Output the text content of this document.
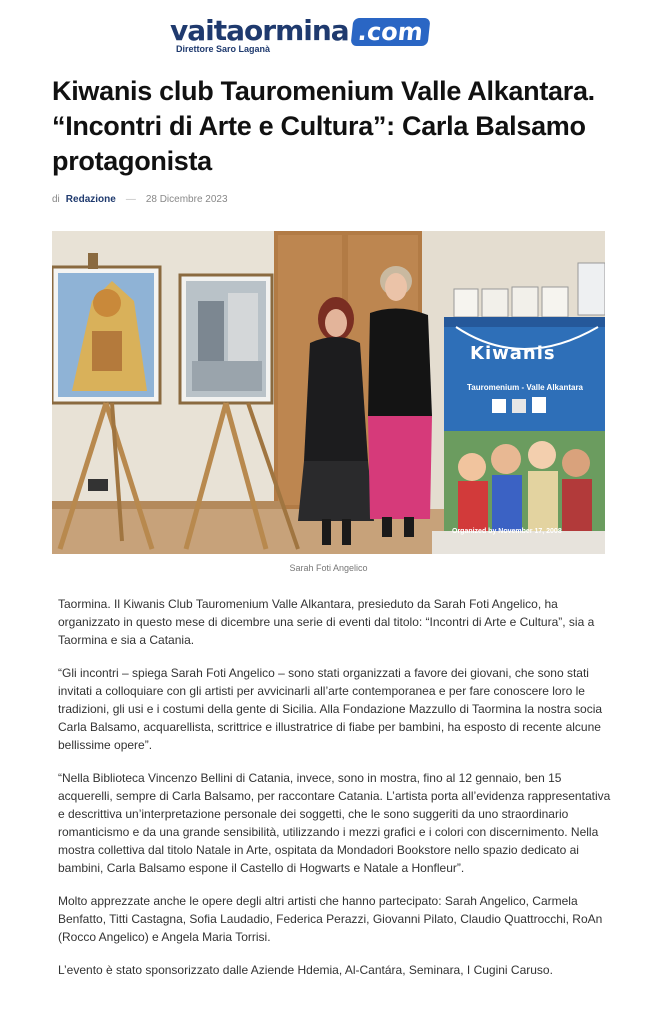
vai taormina .com
Direttore Saro Laganà
Kiwanis club Tauromenium Valle Alkantara. “Incontri di Arte e Cultura”: Carla Balsamo protagonista
di Redazione — 28 Dicembre 2023
Kiwanis
Tauromenium - Valle Alkantara
Organized by November 17, 2008
Sarah Foti Angelico

Taormina. Il Kiwanis Club Tauromenium Valle Alkantara, presieduto da Sarah Foti Angelico, ha organizzato in questo mese di dicembre una serie di eventi dal titolo: “Incontri di Arte e Cultura”, sia a Taormina e sia a Catania.

“Gli incontri – spiega Sarah Foti Angelico – sono stati organizzati a favore dei giovani, che sono stati invitati a colloquiare con gli artisti per avvicinarli all’arte contemporanea e per fare conoscere loro le tradizioni, gli usi e i costumi della gente di Sicilia. Alla Fondazione Mazzullo di Taormina la nostra socia Carla Balsamo, acquarellista, scrittrice e illustratrice di fiabe per bambini, ha esposto di recente alcune bellissime opere”.

“Nella Biblioteca Vincenzo Bellini di Catania, invece, sono in mostra, fino al 12 gennaio, ben 15 acquerelli, sempre di Carla Balsamo, per raccontare Catania. L’artista porta all’evidenza rappresentativa e descrittiva un’interpretazione personale dei soggetti, che le sono suggeriti da uno straordinario romanticismo e da una grande sensibilità, utilizzando i mezzi grafici e i colori con discernimento. Nella mostra collettiva dal titolo Natale in Arte, ospitata da Mondadori Bookstore nello spazio dedicato ai bambini, Carla Balsamo espone il Castello di Hogwarts e Natale a Honfleur”.

Molto apprezzate anche le opere degli altri artisti che hanno partecipato: Sarah Angelico, Carmela Benfatto, Titti Castagna, Sofia Laudadio, Federica Perazzi, Giovanni Pilato, Claudio Quattrocchi, RoAn (Rocco Angelico) e Angela Maria Torrisi.

L’evento è stato sponsorizzato dalle Aziende Hdemia, Al-Cantára, Seminara, I Cugini Caruso.
